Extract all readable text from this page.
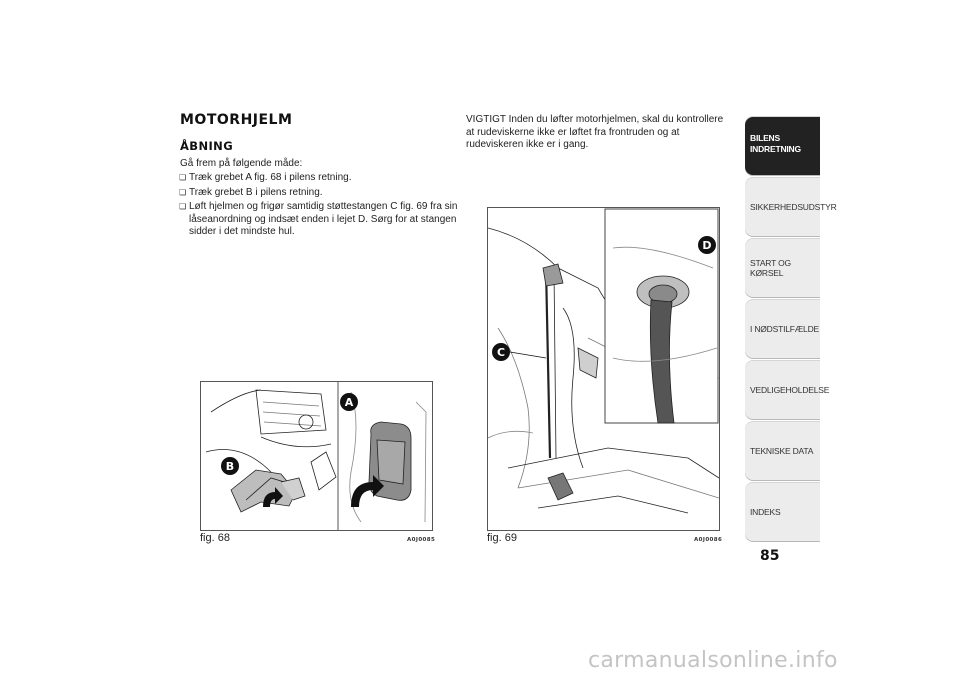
MOTORHJELM
ÅBNING
Gå frem på følgende måde:
❏ Træk grebet A fig. 68 i pilens retning.
❏ Træk grebet B i pilens retning.
❏ Løft hjelmen og frigør samtidig støttestangen C fig. 69 fra sin låseanordning og indsæt enden i lejet D. Sørg for at stangen sidder i det mindste hul.
VIGTIGT Inden du løfter motorhjelmen, skal du kontrollere at rudeviskerne ikke er løftet fra frontruden og at rudeviskeren ikke er i gang.
A
B
fig. 68	A0J0085
D
C
fig. 69	A0J0086
BILENS INDRETNING
SIKKERHEDSUDSTYR
START OG KØRSEL
I NØDSTILFÆLDE
VEDLIGEHOLDELSE
TEKNISKE DATA
INDEKS
85
carmanualsonline.info
